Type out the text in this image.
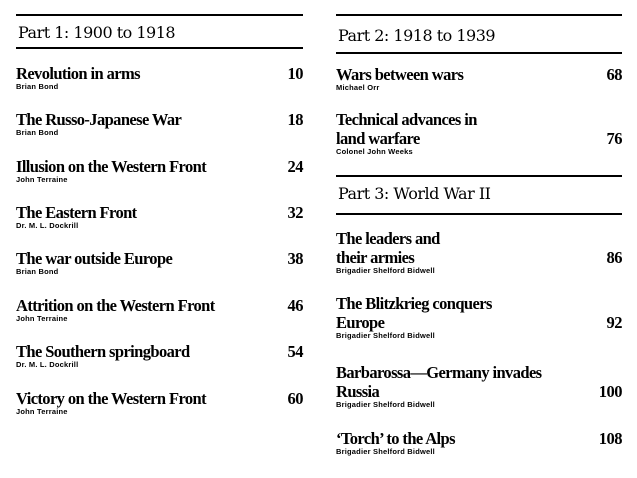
Part 1: 1900 to 1918
Revolution in arms
Brian Bond
10
The Russo-Japanese War
Brian Bond
18
Illusion on the Western Front
John Terraine
24
The Eastern Front
Dr. M. L. Dockrill
32
The war outside Europe
Brian Bond
38
Attrition on the Western Front
John Terraine
46
The Southern springboard
Dr. M. L. Dockrill
54
Victory on the Western Front
John Terraine
60
Part 2: 1918 to 1939
Wars between wars
Michael Orr
68
Technical advances in
land warfare
Colonel John Weeks
76
Part 3: World War II
The leaders and
their armies
Brigadier Shelford Bidwell
86
The Blitzkrieg conquers
Europe
Brigadier Shelford Bidwell
92
Barbarossa—Germany invades
Russia
Brigadier Shelford Bidwell
100
‘Torch’ to the Alps
Brigadier Shelford Bidwell
108
